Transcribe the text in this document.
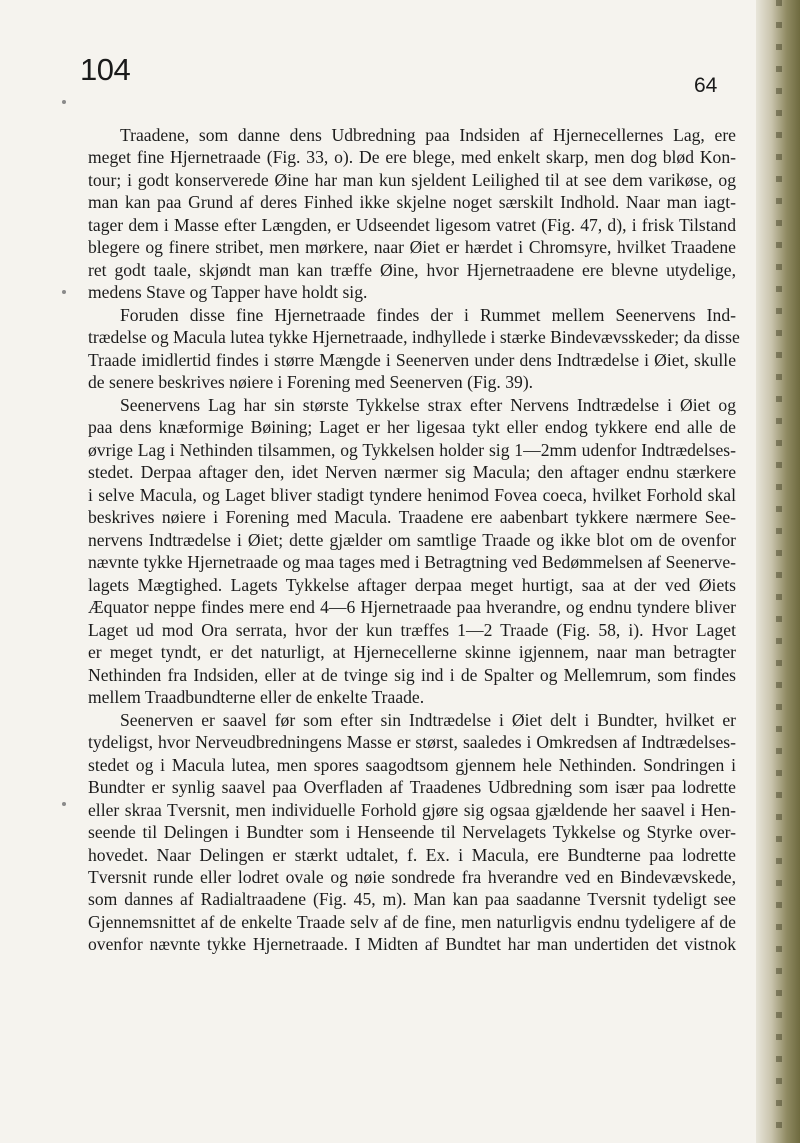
104	64

Traadene, som danne dens Udbredning paa Indsiden af Hjernecellernes Lag, ere
meget fine Hjernetraade (Fig. 33, o). De ere blege, med enkelt skarp, men dog blød Kon-
tour; i godt konserverede Øine har man kun sjeldent Leilighed til at see dem varikøse, og
man kan paa Grund af deres Finhed ikke skjelne noget særskilt Indhold. Naar man iagt-
tager dem i Masse efter Længden, er Udseendet ligesom vatret (Fig. 47, d), i frisk Tilstand
blegere og finere stribet, men mørkere, naar Øiet er hærdet i Chromsyre, hvilket Traadene
ret godt taale, skjøndt man kan træffe Øine, hvor Hjernetraadene ere blevne utydelige,
medens Stave og Tapper have holdt sig.

Foruden disse fine Hjernetraade findes der i Rummet mellem Seenervens Ind-
trædelse og Macula lutea tykke Hjernetraade, indhyllede i stærke Bindevævsskeder; da disse
Traade imidlertid findes i større Mængde i Seenerven under dens Indtrædelse i Øiet, skulle
de senere beskrives nøiere i Forening med Seenerven (Fig. 39).

Seenervens Lag har sin største Tykkelse strax efter Nervens Indtrædelse i Øiet og
paa dens knæformige Bøining; Laget er her ligesaa tykt eller endog tykkere end alle de
øvrige Lag i Nethinden tilsammen, og Tykkelsen holder sig 1—2mm udenfor Indtrædelses-
stedet. Derpaa aftager den, idet Nerven nærmer sig Macula; den aftager endnu stærkere
i selve Macula, og Laget bliver stadigt tyndere henimod Fovea coeca, hvilket Forhold skal
beskrives nøiere i Forening med Macula. Traadene ere aabenbart tykkere nærmere See-
nervens Indtrædelse i Øiet; dette gjælder om samtlige Traade og ikke blot om de ovenfor
nævnte tykke Hjernetraade og maa tages med i Betragtning ved Bedømmelsen af Seenerve-
lagets Mægtighed. Lagets Tykkelse aftager derpaa meget hurtigt, saa at der ved Øiets
Æquator neppe findes mere end 4—6 Hjernetraade paa hverandre, og endnu tyndere bliver
Laget ud mod Ora serrata, hvor der kun træffes 1—2 Traade (Fig. 58, i). Hvor Laget
er meget tyndt, er det naturligt, at Hjernecellerne skinne igjennem, naar man betragter
Nethinden fra Indsiden, eller at de tvinge sig ind i de Spalter og Mellemrum, som findes
mellem Traadbundterne eller de enkelte Traade.

Seenerven er saavel før som efter sin Indtrædelse i Øiet delt i Bundter, hvilket er
tydeligst, hvor Nerveudbredningens Masse er størst, saaledes i Omkredsen af Indtrædelses-
stedet og i Macula lutea, men spores saagodtsom gjennem hele Nethinden. Sondringen i
Bundter er synlig saavel paa Overfladen af Traadenes Udbredning som især paa lodrette
eller skraa Tversnit, men individuelle Forhold gjøre sig ogsaa gjældende her saavel i Hen-
seende til Delingen i Bundter som i Henseende til Nervelagets Tykkelse og Styrke over-
hovedet. Naar Delingen er stærkt udtalet, f. Ex. i Macula, ere Bundterne paa lodrette
Tversnit runde eller lodret ovale og nøie sondrede fra hverandre ved en Bindevævskede,
som dannes af Radialtraadene (Fig. 45, m). Man kan paa saadanne Tversnit tydeligt see
Gjennemsnittet af de enkelte Traade selv af de fine, men naturligvis endnu tydeligere af de
ovenfor nævnte tykke Hjernetraade. I Midten af Bundtet har man undertiden det vistnok
